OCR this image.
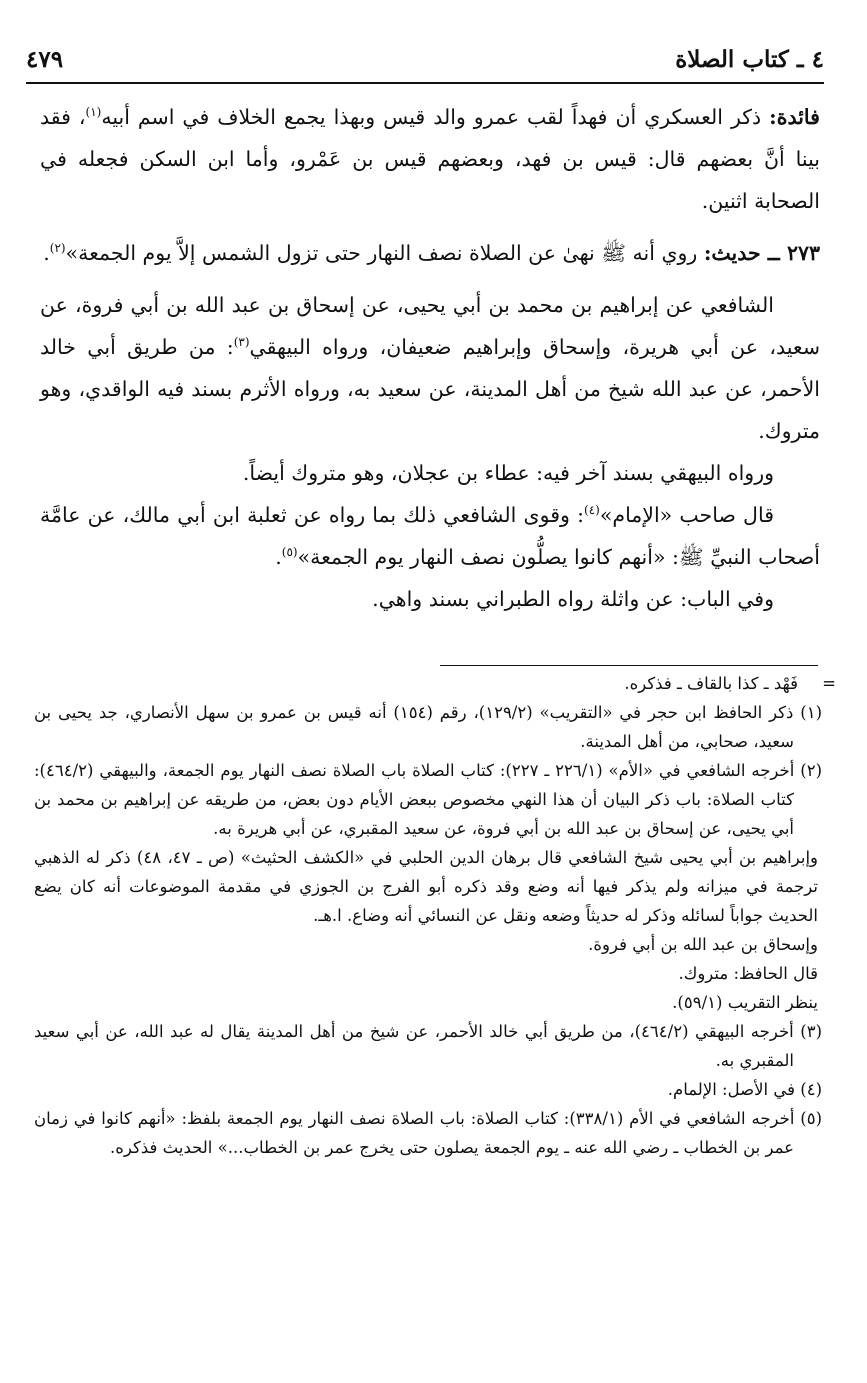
٤٧٩	٤ ـ كتاب الصلاة

فائدة: ذكر العسكري أن فهداً لقب عمرو والد قيس وبهذا يجمع الخلاف في اسم أبيه$^{(١)}$، فقد بينا أنَّ بعضهم قال: قيس بن فهد، وبعضهم قيس بن عَمْرو، وأما ابن السكن فجعله في الصحابة اثنين.

٢٧٣ ــ حديث: روي أنه ﷺ نهىٰ عن الصلاة نصف النهار حتى تزول الشمس إلاَّ يوم الجمعة»$^{(٢)}$.

الشافعي عن إبراهيم بن محمد بن أبي يحيى، عن إسحاق بن عبد الله بن أبي فروة، عن سعيد، عن أبي هريرة، وإسحاق وإبراهيم ضعيفان، ورواه البيهقي$^{(٣)}$: من طريق أبي خالد الأحمر، عن عبد الله شيخ من أهل المدينة، عن سعيد به، ورواه الأثرم بسند فيه الواقدي، وهو متروك.

ورواه البيهقي بسند آخر فيه: عطاء بن عجلان، وهو متروك أيضاً.

قال صاحب «الإمام»$^{(٤)}$: وقوى الشافعي ذلك بما رواه عن ثعلبة ابن أبي مالك، عن عامَّة أصحاب النبيِّ ﷺ: «أنهم كانوا يصلُّون نصف النهار يوم الجمعة»$^{(٥)}$.

وفي الباب: عن واثلة رواه الطبراني بسند واهي.

=
فَهْد ـ كذا بالقاف ـ فذكره.

(١) ذكر الحافظ ابن حجر في «التقريب» (١٢٩/٢)، رقم (١٥٤) أنه قيس بن عمرو بن سهل الأنصاري، جد يحيى بن سعيد، صحابي، من أهل المدينة.

(٢) أخرجه الشافعي في «الأم» (٢٢٦/١ ـ ٢٢٧): كتاب الصلاة باب الصلاة نصف النهار يوم الجمعة، والبيهقي (٤٦٤/٢): كتاب الصلاة: باب ذكر البيان أن هذا النهي مخصوص ببعض الأيام دون بعض، من طريقه عن إبراهيم بن محمد بن أبي يحيى، عن إسحاق بن عبد الله بن أبي فروة، عن سعيد المقبري، عن أبي هريرة به.

وإبراهيم بن أبي يحيى شيخ الشافعي قال برهان الدين الحلبي في «الكشف الحثيث» (ص ـ ٤٧، ٤٨) ذكر له الذهبي ترجمة في ميزانه ولم يذكر فيها أنه وضع وقد ذكره أبو الفرج بن الجوزي في مقدمة الموضوعات أنه كان يضع الحديث جواباً لسائله وذكر له حديثاً وضعه ونقل عن النسائي أنه وضاع. ا.هـ.

وإسحاق بن عبد الله بن أبي فروة.

قال الحافظ: متروك.

ينظر التقريب (٥٩/١).

(٣) أخرجه البيهقي (٤٦٤/٢)، من طريق أبي خالد الأحمر، عن شيخ من أهل المدينة يقال له عبد الله، عن أبي سعيد المقبري به.

(٤) في الأصل: الإلمام.

(٥) أخرجه الشافعي في الأم (٣٣٨/١): كتاب الصلاة: باب الصلاة نصف النهار يوم الجمعة بلفظ: «أنهم كانوا في زمان عمر بن الخطاب ـ رضي الله عنه ـ يوم الجمعة يصلون حتى يخرج عمر بن الخطاب...» الحديث فذكره.
